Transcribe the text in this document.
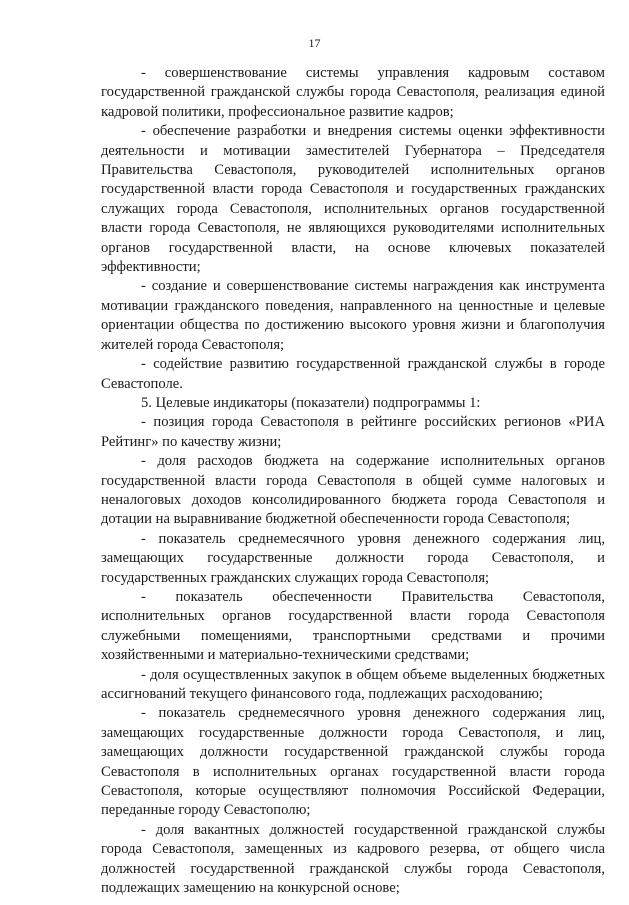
17

- совершенствование системы управления кадровым составом государственной гражданской службы города Севастополя, реализация единой кадровой политики, профессиональное развитие кадров;

- обеспечение разработки и внедрения системы оценки эффективности деятельности и мотивации заместителей Губернатора – Председателя Правительства Севастополя, руководителей исполнительных органов государственной власти города Севастополя и государственных гражданских служащих города Севастополя, исполнительных органов государственной власти города Севастополя, не являющихся руководителями исполнительных органов государственной власти, на основе ключевых показателей эффективности;

- создание и совершенствование системы награждения как инструмента мотивации гражданского поведения, направленного на ценностные и целевые ориентации общества по достижению высокого уровня жизни и благополучия жителей города Севастополя;

- содействие развитию государственной гражданской службы в городе Севастополе.

5. Целевые индикаторы (показатели) подпрограммы 1:

- позиция города Севастополя в рейтинге российских регионов «РИА Рейтинг» по качеству жизни;

- доля расходов бюджета на содержание исполнительных органов государственной власти города Севастополя в общей сумме налоговых и неналоговых доходов консолидированного бюджета города Севастополя и дотации на выравнивание бюджетной обеспеченности города Севастополя;

- показатель среднемесячного уровня денежного содержания лиц, замещающих государственные должности города Севастополя, и государственных гражданских служащих города Севастополя;

- показатель обеспеченности Правительства Севастополя, исполнительных органов государственной власти города Севастополя служебными помещениями, транспортными средствами и прочими хозяйственными и материально-техническими средствами;

- доля осуществленных закупок в общем объеме выделенных бюджетных ассигнований текущего финансового года, подлежащих расходованию;

- показатель среднемесячного уровня денежного содержания лиц, замещающих государственные должности города Севастополя, и лиц, замещающих должности государственной гражданской службы города Севастополя в исполнительных органах государственной власти города Севастополя, которые осуществляют полномочия Российской Федерации, переданные городу Севастополю;

- доля вакантных должностей государственной гражданской службы города Севастополя, замещенных из кадрового резерва, от общего числа должностей государственной гражданской службы города Севастополя, подлежащих замещению на конкурсной основе;
